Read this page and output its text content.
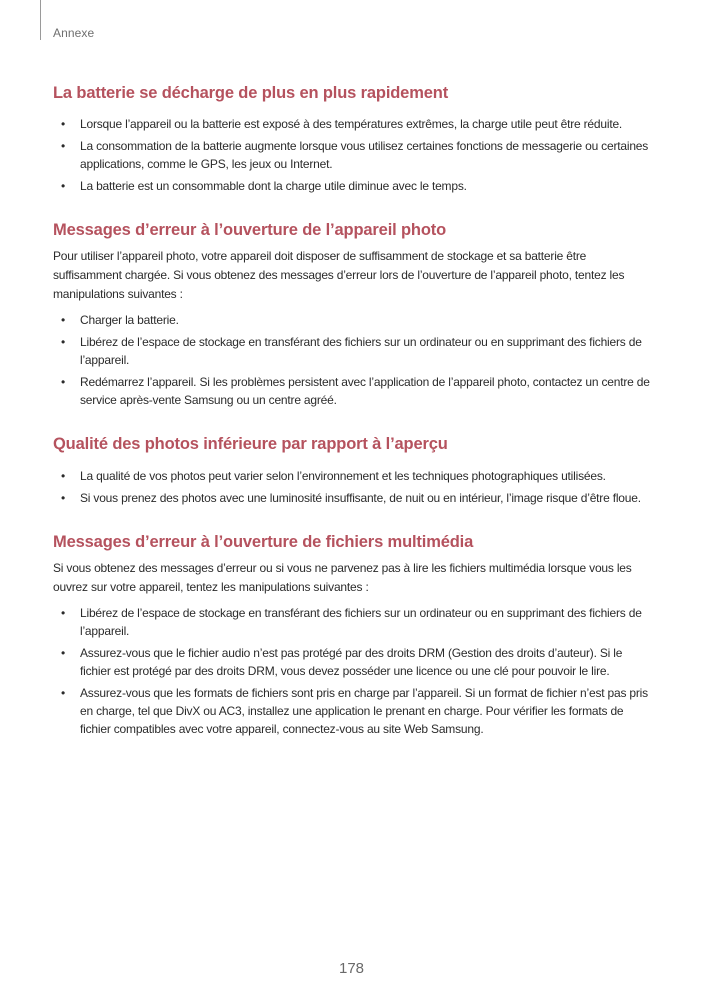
Annexe
La batterie se décharge de plus en plus rapidement
• Lorsque l’appareil ou la batterie est exposé à des températures extrêmes, la charge utile peut être réduite.
• La consommation de la batterie augmente lorsque vous utilisez certaines fonctions de messagerie ou certaines applications, comme le GPS, les jeux ou Internet.
• La batterie est un consommable dont la charge utile diminue avec le temps.
Messages d’erreur à l’ouverture de l’appareil photo

Pour utiliser l’appareil photo, votre appareil doit disposer de suffisamment de stockage et sa batterie être suffisamment chargée. Si vous obtenez des messages d’erreur lors de l’ouverture de l’appareil photo, tentez les manipulations suivantes :

• Charger la batterie.
• Libérez de l’espace de stockage en transférant des fichiers sur un ordinateur ou en supprimant des fichiers de l’appareil.
• Redémarrez l’appareil. Si les problèmes persistent avec l’application de l’appareil photo, contactez un centre de service après-vente Samsung ou un centre agréé.
Qualité des photos inférieure par rapport à l’aperçu
• La qualité de vos photos peut varier selon l’environnement et les techniques photographiques utilisées.
• Si vous prenez des photos avec une luminosité insuffisante, de nuit ou en intérieur, l’image risque d’être floue.
Messages d’erreur à l’ouverture de fichiers multimédia

Si vous obtenez des messages d’erreur ou si vous ne parvenez pas à lire les fichiers multimédia lorsque vous les ouvrez sur votre appareil, tentez les manipulations suivantes :

• Libérez de l’espace de stockage en transférant des fichiers sur un ordinateur ou en supprimant des fichiers de l’appareil.
• Assurez-vous que le fichier audio n’est pas protégé par des droits DRM (Gestion des droits d’auteur). Si le fichier est protégé par des droits DRM, vous devez posséder une licence ou une clé pour pouvoir le lire.
• Assurez-vous que les formats de fichiers sont pris en charge par l’appareil. Si un format de fichier n’est pas pris en charge, tel que DivX ou AC3, installez une application le prenant en charge. Pour vérifier les formats de fichier compatibles avec votre appareil, connectez-vous au site Web Samsung.
178
